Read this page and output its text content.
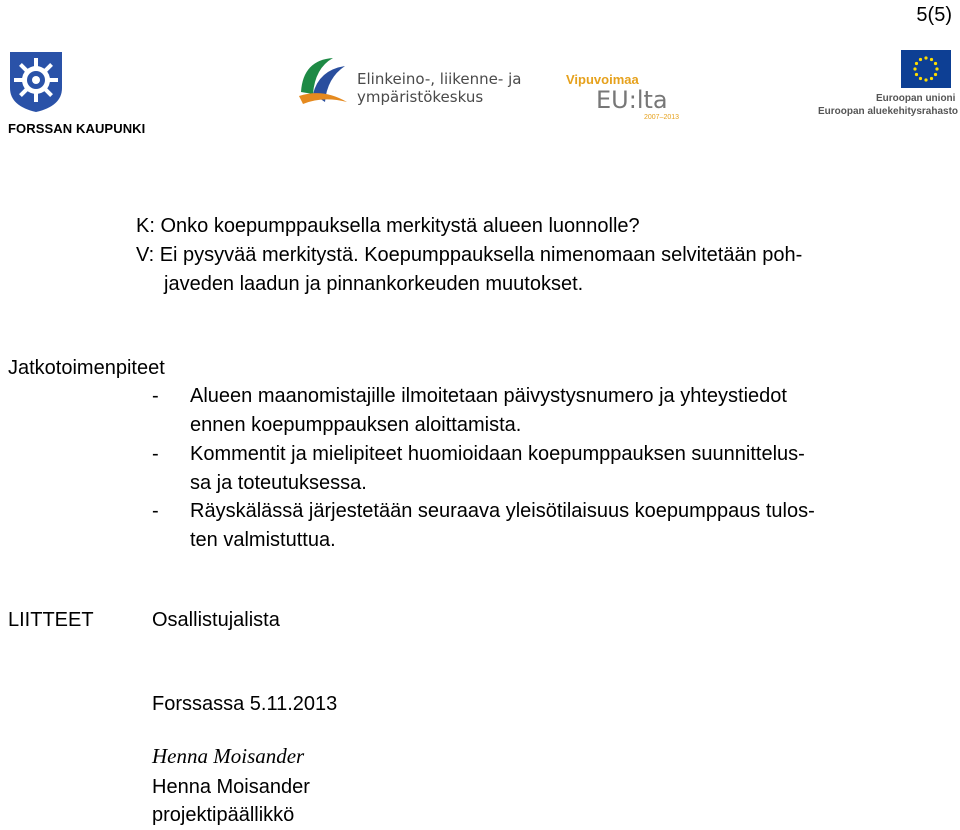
5(5)
FORSSAN KAUPUNKI
Elinkeino-, liikenne- ja
ympäristökeskus
Vipuvoimaa
EU:lta
2007–2013
Euroopan unioni
Euroopan aluekehitysrahasto
K: Onko koepumppauksella merkitystä alueen luonnolle?
V: Ei pysyvää merkitystä. Koepumppauksella nimenomaan selvitetään poh-
javeden laadun ja pinnankorkeuden muutokset.
Jatkotoimenpiteet
- Alueen maanomistajille ilmoitetaan päivystysnumero ja yhteystiedot
ennen koepumppauksen aloittamista.
- Kommentit ja mielipiteet huomioidaan koepumppauksen suunnittelus-
sa ja toteutuksessa.
- Räyskälässä järjestetään seuraava yleisötilaisuus koepumppaus tulos-
ten valmistuttua.
LIITTEET	Osallistujalista
Forssassa 5.11.2013
Henna Moisander
Henna Moisander
projektipäällikkö
